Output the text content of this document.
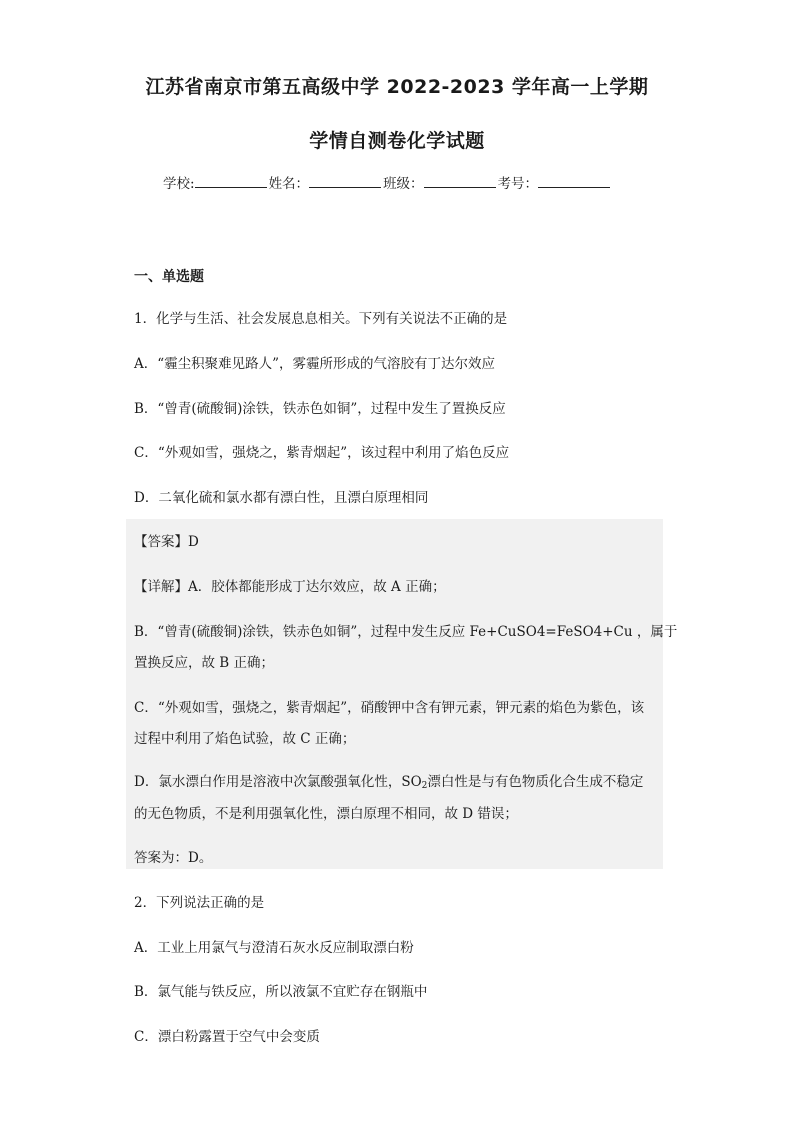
江苏省南京市第五高级中学 2022-2023 学年高一上学期
学情自测卷化学试题
学校:	姓名：	班级：	考号：
一、单选题
1．化学与生活、社会发展息息相关。下列有关说法不正确的是
A．“霾尘积聚难见路人”，雾霾所形成的气溶胶有丁达尔效应
B．“曾青(硫酸铜)涂铁，铁赤色如铜”，过程中发生了置换反应
C．“外观如雪，强烧之，紫青烟起”，该过程中利用了焰色反应
D．二氧化硫和氯水都有漂白性，且漂白原理相同
【答案】D
【详解】A．胶体都能形成丁达尔效应，故 A 正确；
B．“曾青(硫酸铜)涂铁，铁赤色如铜”，过程中发生反应 Fe+CuSO4=FeSO4+Cu ，属于
置换反应，故 B 正确；
C．“外观如雪，强烧之，紫青烟起”，硝酸钾中含有钾元素，钾元素的焰色为紫色，该
过程中利用了焰色试验，故 C 正确；
D．氯水漂白作用是溶液中次氯酸强氧化性，$SO_2$漂白性是与有色物质化合生成不稳定
的无色物质，不是利用强氧化性，漂白原理不相同，故 D 错误；
答案为：D。
2．下列说法正确的是
A．工业上用氯气与澄清石灰水反应制取漂白粉
B．氯气能与铁反应，所以液氯不宜贮存在钢瓶中
C．漂白粉露置于空气中会变质
